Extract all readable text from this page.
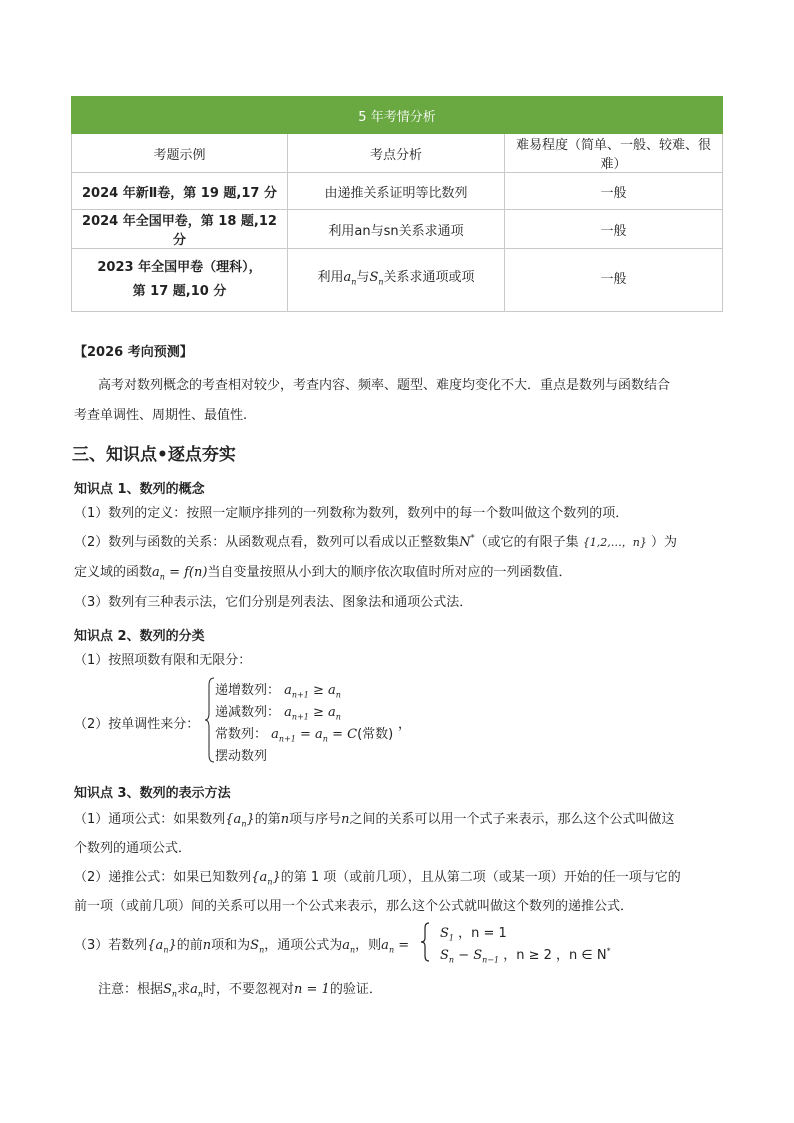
5 年考情分析		
考题示例	考点分析	难易程度（简单、一般、较难、很难）
2024 年新Ⅱ卷，第 19 题,17 分	由递推关系证明等比数列	一般
2024 年全国甲卷，第 18 题,12 分	利用an与sn关系求通项	一般

2023 年全国甲卷（理科），
第 17 题,10 分	利用$a_n$与$S_n$关系求通项或项	一般
【2026 考向预测】
高考对数列概念的考查相对较少，考查内容、频率、题型、难度均变化不大．重点是数列与函数结合
考查单调性、周期性、最值性.
三、知识点•逐点夯实
知识点 1、数列的概念
（1）数列的定义：按照一定顺序排列的一列数称为数列，数列中的每一个数叫做这个数列的项．
（2）数列与函数的关系：从函数观点看，数列可以看成以正整数集N*（或它的有限子集 {1,2,…，n} ）为
定义域的函数$a_n = f(n)$当自变量按照从小到大的顺序依次取值时所对应的一列函数值．
（3）数列有三种表示法，它们分别是列表法、图象法和通项公式法．
知识点 2、数列的分类
（1）按照项数有限和无限分：
（2）按单调性来分：
递增数列： $a_{n+1} \ge a_n$
递减数列： $a_{n+1} \ge a_n$
常数列： $a_{n+1} = a_n = C$(常数)
摆动数列
，
知识点 3、数列的表示方法
（1）通项公式：如果数列$\{a_n\}$的第n项与序号n之间的关系可以用一个式子来表示，那么这个公式叫做这
个数列的通项公式．
（2）递推公式：如果已知数列$\{a_n\}$的第 1 项（或前几项），且从第二项（或某一项）开始的任一项与它的
前一项（或前几项）间的关系可以用一个公式来表示，那么这个公式就叫做这个数列的递推公式．
（3）若数列$\{a_n\}$的前n项和为$S_n$，通项公式为$a_n$，则$a_n$ =
$S_1$ ，n = 1
$S_n - S_{n-1}$ ，n ≥ 2 ，n ∈ N*
注意：根据$S_n$求$a_n$时，不要忽视对n = 1的验证．
